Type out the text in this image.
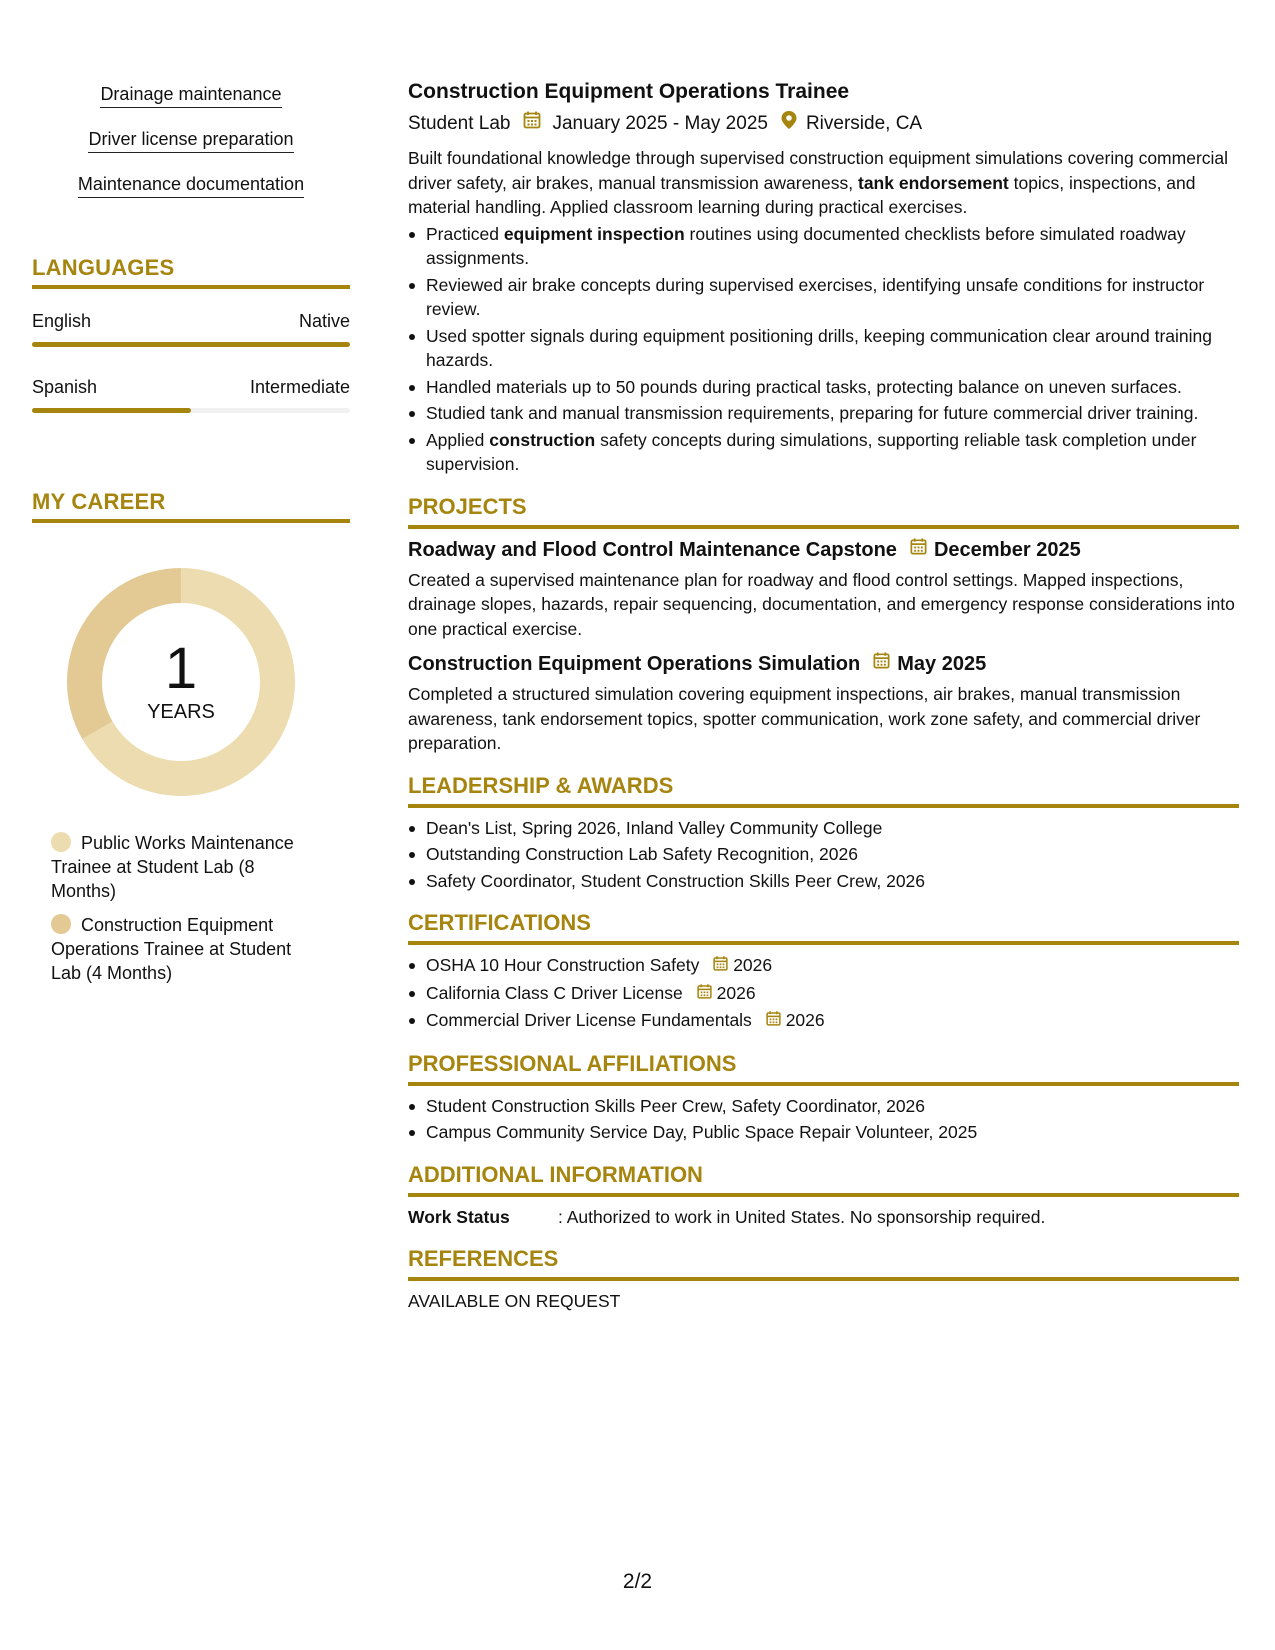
Drainage maintenance
Driver license preparation
Maintenance documentation
LANGUAGES
English	Native
Spanish	Intermediate
MY CAREER
1
YEARS
Public Works Maintenance Trainee at Student Lab (8 Months)
Construction Equipment Operations Trainee at Student Lab (4 Months)
Construction Equipment Operations Trainee
Student Lab January 2025 - May 2025 Riverside, CA

Built foundational knowledge through supervised construction equipment simulations covering commercial driver safety, air brakes, manual transmission awareness, tank endorsement topics, inspections, and material handling. Applied classroom learning during practical exercises.

Practiced equipment inspection routines using documented checklists before simulated roadway assignments.
Reviewed air brake concepts during supervised exercises, identifying unsafe conditions for instructor review.
Used spotter signals during equipment positioning drills, keeping communication clear around training hazards.
Handled materials up to 50 pounds during practical tasks, protecting balance on uneven surfaces.
Studied tank and manual transmission requirements, preparing for future commercial driver training.
Applied construction safety concepts during simulations, supporting reliable task completion under supervision.
PROJECTS
Roadway and Flood Control Maintenance Capstone December 2025
Created a supervised maintenance plan for roadway and flood control settings. Mapped inspections, drainage slopes, hazards, repair sequencing, documentation, and emergency response considerations into one practical exercise.
Construction Equipment Operations Simulation May 2025
Completed a structured simulation covering equipment inspections, air brakes, manual transmission awareness, tank endorsement topics, spotter communication, work zone safety, and commercial driver preparation.
LEADERSHIP & AWARDS
Dean's List, Spring 2026, Inland Valley Community College
Outstanding Construction Lab Safety Recognition, 2026
Safety Coordinator, Student Construction Skills Peer Crew, 2026
CERTIFICATIONS
OSHA 10 Hour Construction Safety 2026
California Class C Driver License 2026
Commercial Driver License Fundamentals 2026
PROFESSIONAL AFFILIATIONS
Student Construction Skills Peer Crew, Safety Coordinator, 2026
Campus Community Service Day, Public Space Repair Volunteer, 2025
ADDITIONAL INFORMATION
Work Status	: Authorized to work in United States. No sponsorship required.
REFERENCES
AVAILABLE ON REQUEST
2/2
